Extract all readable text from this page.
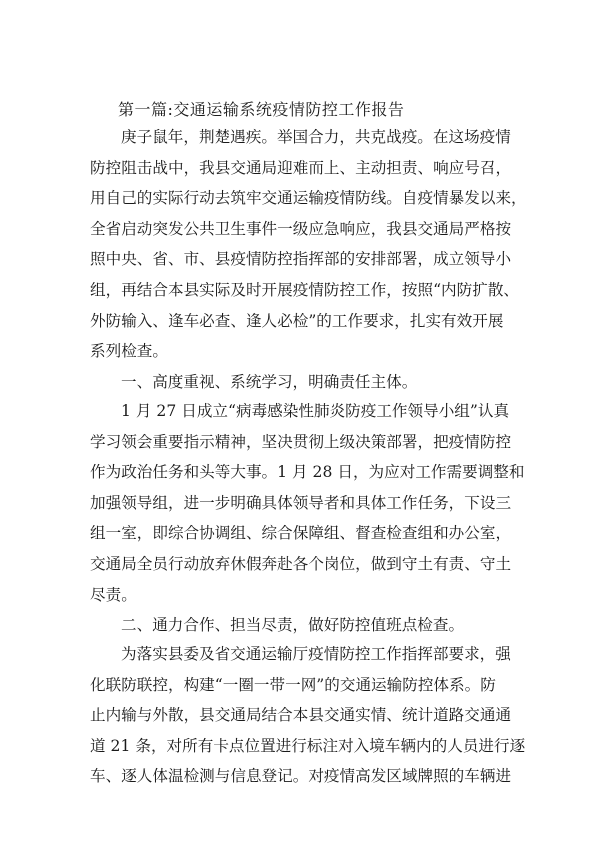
第一篇:交通运输系统疫情防控工作报告

庚子鼠年，荆楚遇疾。举国合力，共克战疫。在这场疫情
防控阻击战中，我县交通局迎难而上、主动担责、响应号召，
用自己的实际行动去筑牢交通运输疫情防线。自疫情暴发以来，
全省启动突发公共卫生事件一级应急响应，我县交通局严格按
照中央、省、市、县疫情防控指挥部的安排部署，成立领导小
组，再结合本县实际及时开展疫情防控工作，按照“内防扩散、
外防输入、逢车必查、逢人必检”的工作要求，扎实有效开展
系列检查。

一、高度重视、系统学习，明确责任主体。

1 月 27 日成立“病毒感染性肺炎防疫工作领导小组”认真
学习领会重要指示精神，坚决贯彻上级决策部署，把疫情防控
作为政治任务和头等大事。1 月 28 日，为应对工作需要调整和
加强领导组，进一步明确具体领导者和具体工作任务，下设三
组一室，即综合协调组、综合保障组、督查检查组和办公室，
交通局全员行动放弃休假奔赴各个岗位，做到守土有责、守土
尽责。

二、通力合作、担当尽责，做好防控值班点检查。

为落实县委及省交通运输厅疫情防控工作指挥部要求，强
化联防联控，构建“一圈一带一网”的交通运输防控体系。防
止内输与外散，县交通局结合本县交通实情、统计道路交通通
道 21 条，对所有卡点位置进行标注对入境车辆内的人员进行逐
车、逐人体温检测与信息登记。对疫情高发区域牌照的车辆进
